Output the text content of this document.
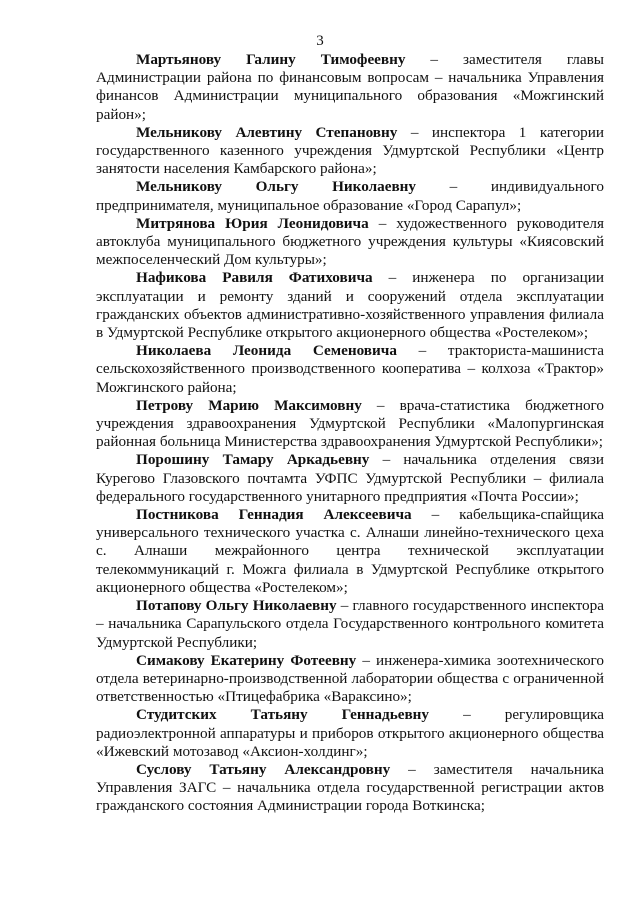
3

Мартьянову Галину Тимофеевну – заместителя главы Администрации района по финансовым вопросам – начальника Управления финансов Администрации муниципального образования «Можгинский район»;

Мельникову Алевтину Степановну – инспектора 1 категории государственного казенного учреждения Удмуртской Республики «Центр занятости населения Камбарского района»;

Мельникову Ольгу Николаевну – индивидуального предпринимателя, муниципальное образование «Город Сарапул»;

Митрянова Юрия Леонидовича – художественного руководителя автоклуба муниципального бюджетного учреждения культуры «Киясовский межпоселенческий Дом культуры»;

Нафикова Равиля Фатиховича – инженера по организации эксплуатации и ремонту зданий и сооружений отдела эксплуатации гражданских объектов административно-хозяйственного управления филиала в Удмуртской Республике открытого акционерного общества «Ростелеком»;

Николаева Леонида Семеновича – тракториста-машиниста сельскохозяйственного производственного кооператива – колхоза «Трактор» Можгинского района;

Петрову Марию Максимовну – врача-статистика бюджетного учреждения здравоохранения Удмуртской Республики «Малопургинская районная больница Министерства здравоохранения Удмуртской Республики»;

Порошину Тамару Аркадьевну – начальника отделения связи Курегово Глазовского почтамта УФПС Удмуртской Республики – филиала федерального государственного унитарного предприятия «Почта России»;

Постникова Геннадия Алексеевича – кабельщика-спайщика универсального технического участка с. Алнаши линейно-технического цеха с. Алнаши межрайонного центра технической эксплуатации телекоммуникаций г. Можга филиала в Удмуртской Республике открытого акционерного общества «Ростелеком»;

Потапову Ольгу Николаевну – главного государственного инспектора – начальника Сарапульского отдела Государственного контрольного комитета Удмуртской Республики;

Симакову Екатерину Фотеевну – инженера-химика зоотехнического отдела ветеринарно-производственной лаборатории общества с ограниченной ответственностью «Птицефабрика «Вараксино»;

Студитских Татьяну Геннадьевну – регулировщика радиоэлектронной аппаратуры и приборов открытого акционерного общества «Ижевский мотозавод «Аксион-холдинг»;

Суслову Татьяну Александровну – заместителя начальника Управления ЗАГС – начальника отдела государственной регистрации актов гражданского состояния Администрации города Воткинска;
